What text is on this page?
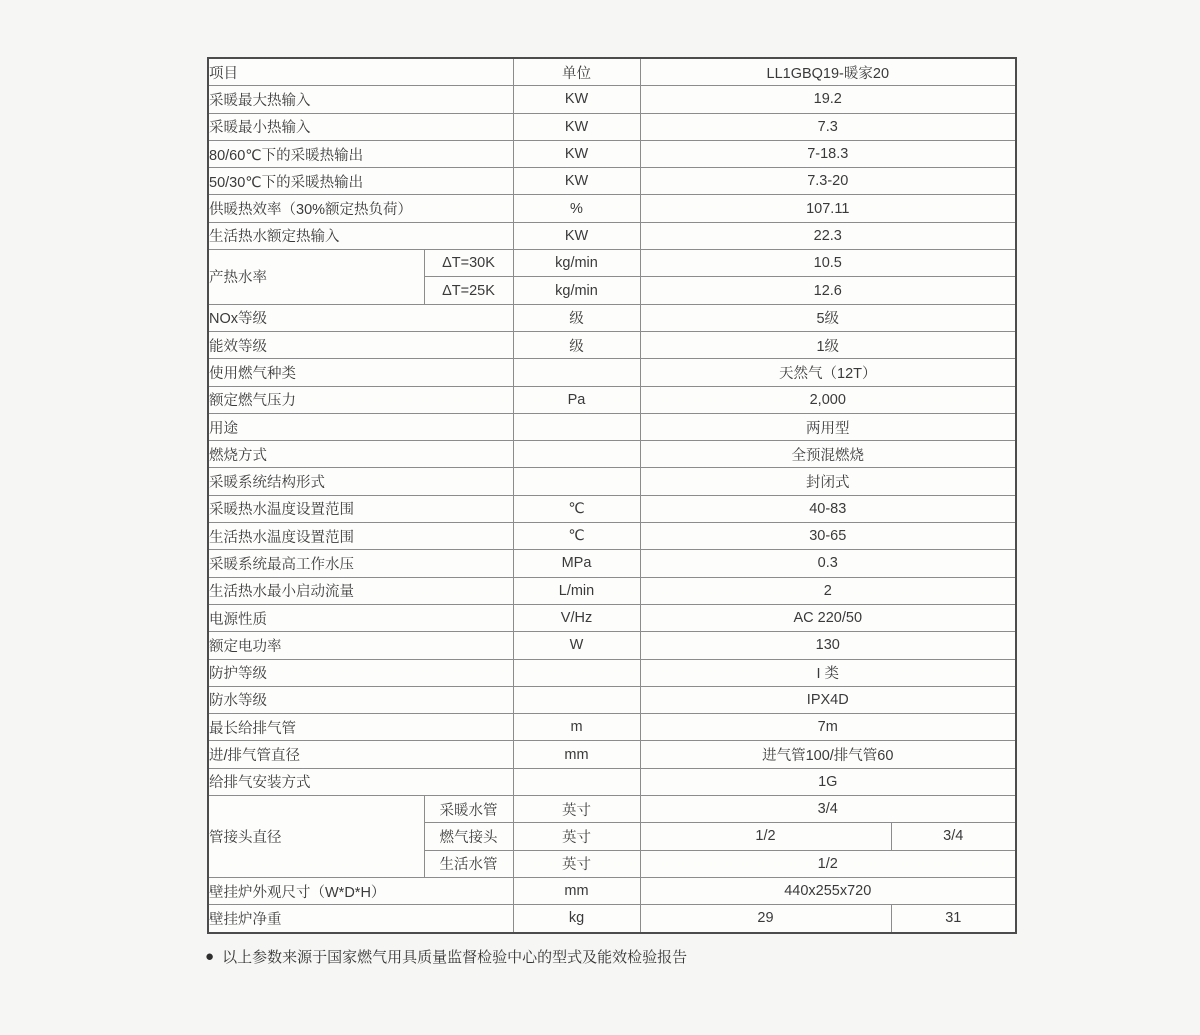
项目		单位	LL1GBQ19-暖家20	
采暖最大热输入		KW	19.2	
采暖最小热输入		KW	7.3	
80/60℃下的采暖热输出		KW	7-18.3	
50/30℃下的采暖热输出		KW	7.3-20	
供暖热效率（30%额定热负荷）		%	107.11	
生活热水额定热输入		KW	22.3	
产热水率	ΔT=30K	kg/min	10.5	
	ΔT=25K	kg/min	12.6	
NOx等级		级	5级	
能效等级		级	1级	
使用燃气种类			天然气（12T）	
额定燃气压力		Pa	2,000	
用途			两用型	
燃烧方式			全预混燃烧	
采暖系统结构形式			封闭式	
采暖热水温度设置范围		℃	40-83	
生活热水温度设置范围		℃	30-65	
采暖系统最高工作水压		MPa	0.3	
生活热水最小启动流量		L/min	2	
电源性质		V/Hz	AC 220/50	
额定电功率		W	130	
防护等级			I 类	
防水等级			IPX4D	
最长给排气管		m	7m	
进/排气管直径		mm	进气管100/排气管60	
给排气安装方式			1G	
管接头直径	采暖水管	英寸	3/4	
	燃气接头	英寸	1/2	3/4
	生活水管	英寸	1/2	
壁挂炉外观尺寸（W*D*H）		mm	440x255x720	
壁挂炉净重		kg	29	31
● 以上参数来源于国家燃气用具质量监督检验中心的型式及能效检验报告
